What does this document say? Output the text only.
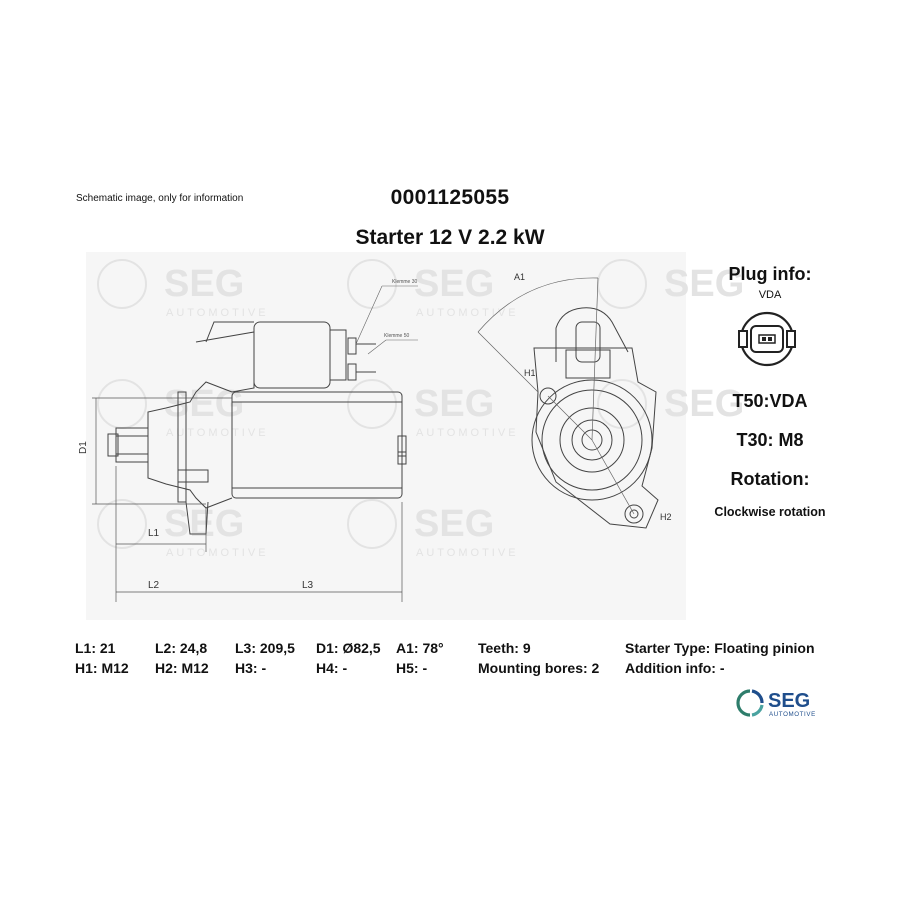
Schematic image, only for information	0001125055
Starter 12 V 2.2 kW
SEG
AUTOMOTIVE
SEG
AUTOMOTIVE
SEG
SEG
AUTOMOTIVE
SEG
AUTOMOTIVE
SEG
SEG
AUTOMOTIVE
SEG
AUTOMOTIVE
Klemme 30
Klemme 50
D1
L1
L2	L3
A1
H1
H2
Plug info:
VDA
T50:VDA
T30: M8
Rotation:
Clockwise rotation
L1: 21	L2: 24,8 L3: 209,5 D1: Ø82,5 A1: 78° Teeth: 9	Starter Type: Floating pinion
H1: M12 H2: M12 H3: -	H4: -	H5: -	Mounting bores: 2 Addition info: -
SEG
AUTOMOTIVE
